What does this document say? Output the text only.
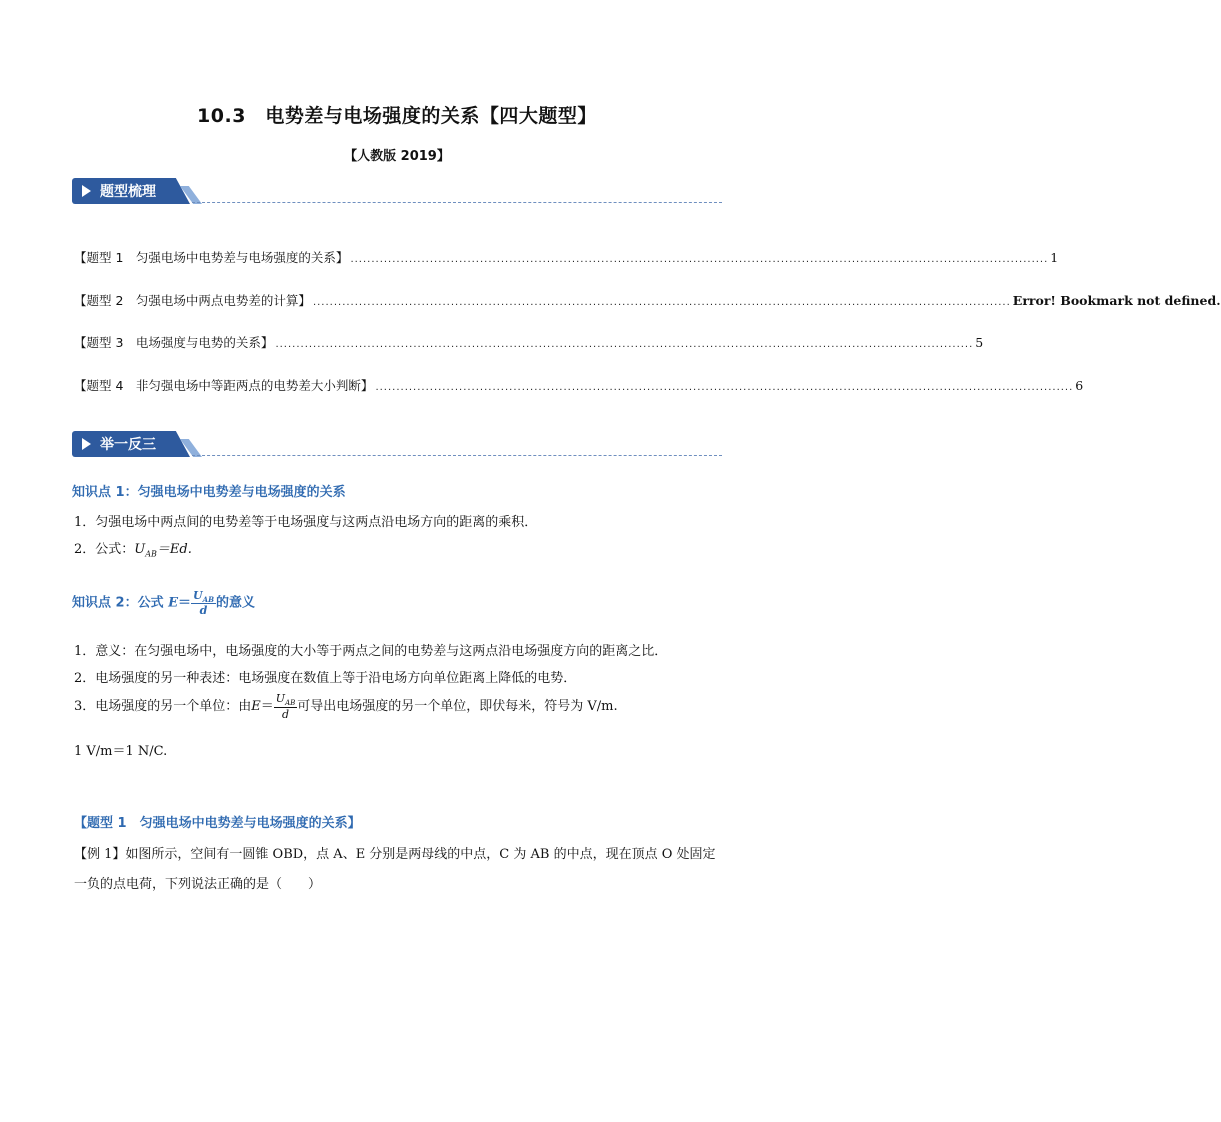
10.3　电势差与电场强度的关系【四大题型】
【人教版 2019】
题型梳理
【题型 1　匀强电场中电势差与电场强度的关系】 ....................................................................................................................................................................... 1
【题型 2　匀强电场中两点电势差的计算】 ....................................................................................................................................................................... Error! Bookmark not defined.
【题型 3　电场强度与电势的关系】 ....................................................................................................................................................................... 5
【题型 4　非匀强电场中等距两点的电势差大小判断】 ....................................................................................................................................................................... 6
举一反三
知识点 1：匀强电场中电势差与电场强度的关系
1．匀强电场中两点间的电势差等于电场强度与这两点沿电场方向的距离的乘积．
2．公式：$U_{AB}=Ed$.
知识点 2：公式 $E= \frac{U_{AB}}{d}$ 的意义
1．意义：在匀强电场中，电场强度的大小等于两点之间的电势差与这两点沿电场强度方向的距离之比．
2．电场强度的另一种表述：电场强度在数值上等于沿电场方向单位距离上降低的电势．
3．电场强度的另一个单位：由$E= \frac{U_{AB}}{d}$ 可导出电场强度的另一个单位，即伏每米，符号为 V/m.
1 V/m＝1 N/C.
【题型 1　匀强电场中电势差与电场强度的关系】
【例 1】如图所示，空间有一圆锥 OBD，点 A、E 分别是两母线的中点，C 为 AB 的中点，现在顶点 O 处固定一负的点电荷，下列说法正确的是（　　）
